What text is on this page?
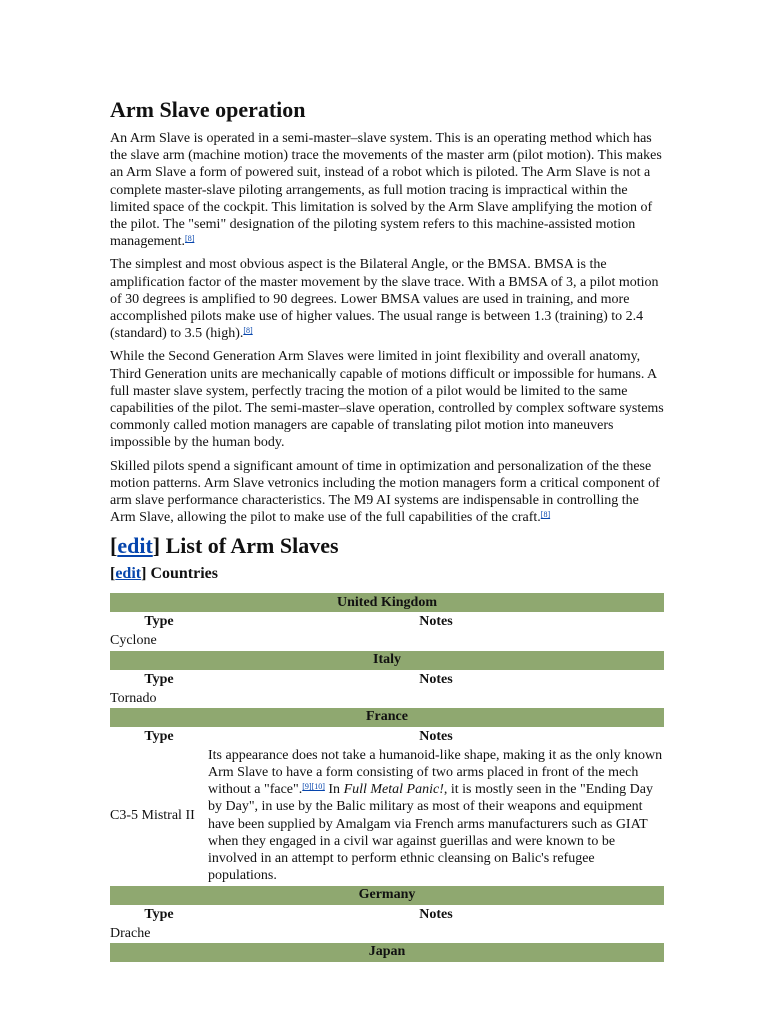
Arm Slave operation

An Arm Slave is operated in a semi-master–slave system. This is an operating method which has the slave arm (machine motion) trace the movements of the master arm (pilot motion). This makes an Arm Slave a form of powered suit, instead of a robot which is piloted. The Arm Slave is not a complete master-slave piloting arrangements, as full motion tracing is impractical within the limited space of the cockpit. This limitation is solved by the Arm Slave amplifying the motion of the pilot. The "semi" designation of the piloting system refers to this machine-assisted motion management.[8]

The simplest and most obvious aspect is the Bilateral Angle, or the BMSA. BMSA is the amplification factor of the master movement by the slave trace. With a BMSA of 3, a pilot motion of 30 degrees is amplified to 90 degrees. Lower BMSA values are used in training, and more accomplished pilots make use of higher values. The usual range is between 1.3 (training) to 2.4 (standard) to 3.5 (high).[8]

While the Second Generation Arm Slaves were limited in joint flexibility and overall anatomy, Third Generation units are mechanically capable of motions difficult or impossible for humans. A full master slave system, perfectly tracing the motion of a pilot would be limited to the same capabilities of the pilot. The semi-master–slave operation, controlled by complex software systems commonly called motion managers are capable of translating pilot motion into maneuvers impossible by the human body.

Skilled pilots spend a significant amount of time in optimization and personalization of the these motion patterns. Arm Slave vetronics including the motion managers form a critical component of arm slave performance characteristics. The M9 AI systems are indispensable in controlling the Arm Slave, allowing the pilot to make use of the full capabilities of the craft.[8]

[edit] List of Arm Slaves
[edit] Countries
United Kingdom	
Type	Notes
Cyclone	
Italy	
Type	Notes
Tornado	
France	
Type	Notes
C3-5 Mistral II	Its appearance does not take a humanoid-like shape, making it as the only known Arm Slave to have a form consisting of two arms placed in front of the mech without a "face".[9][10] In Full Metal Panic!, it is mostly seen in the "Ending Day by Day", in use by the Balic military as most of their weapons and equipment have been supplied by Amalgam via French arms manufacturers such as GIAT when they engaged in a civil war against guerillas and were known to be involved in an attempt to perform ethnic cleansing on Balic's refugee populations.
Germany	
Type	Notes
Drache	
Japan	
